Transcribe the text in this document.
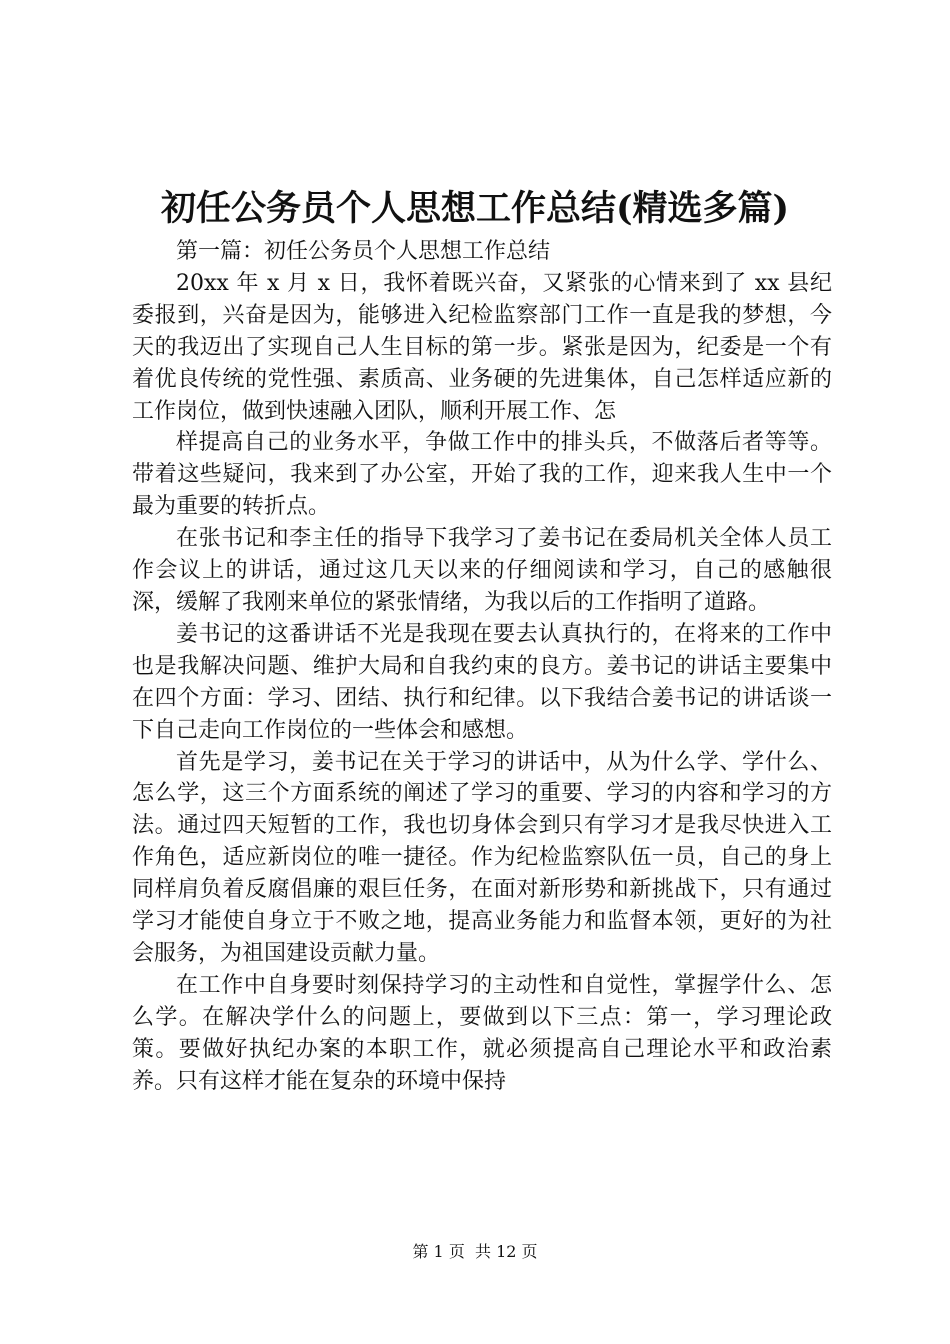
初任公务员个人思想工作总结(精选多篇)

第一篇：初任公务员个人思想工作总结

20xx 年 x 月 x 日，我怀着既兴奋，又紧张的心情来到了 xx 县纪委报到，兴奋是因为，能够进入纪检监察部门工作一直是我的梦想，今天的我迈出了实现自己人生目标的第一步。紧张是因为，纪委是一个有着优良传统的党性强、素质高、业务硬的先进集体，自己怎样适应新的工作岗位，做到快速融入团队，顺利开展工作、怎

样提高自己的业务水平，争做工作中的排头兵，不做落后者等等。带着这些疑问，我来到了办公室，开始了我的工作，迎来我人生中一个最为重要的转折点。

在张书记和李主任的指导下我学习了姜书记在委局机关全体人员工作会议上的讲话，通过这几天以来的仔细阅读和学习，自己的感触很深，缓解了我刚来单位的紧张情绪，为我以后的工作指明了道路。

姜书记的这番讲话不光是我现在要去认真执行的，在将来的工作中也是我解决问题、维护大局和自我约束的良方。姜书记的讲话主要集中在四个方面：学习、团结、执行和纪律。以下我结合姜书记的讲话谈一下自己走向工作岗位的一些体会和感想。

首先是学习，姜书记在关于学习的讲话中，从为什么学、学什么、怎么学，这三个方面系统的阐述了学习的重要、学习的内容和学习的方法。通过四天短暂的工作，我也切身体会到只有学习才是我尽快进入工作角色，适应新岗位的唯一捷径。作为纪检监察队伍一员，自己的身上同样肩负着反腐倡廉的艰巨任务，在面对新形势和新挑战下，只有通过学习才能使自身立于不败之地，提高业务能力和监督本领，更好的为社会服务，为祖国建设贡献力量。

在工作中自身要时刻保持学习的主动性和自觉性，掌握学什么、怎么学。在解决学什么的问题上，要做到以下三点：第一，学习理论政策。要做好执纪办案的本职工作，就必须提高自己理论水平和政治素养。只有这样才能在复杂的环境中保持

第 1 页  共 12 页
